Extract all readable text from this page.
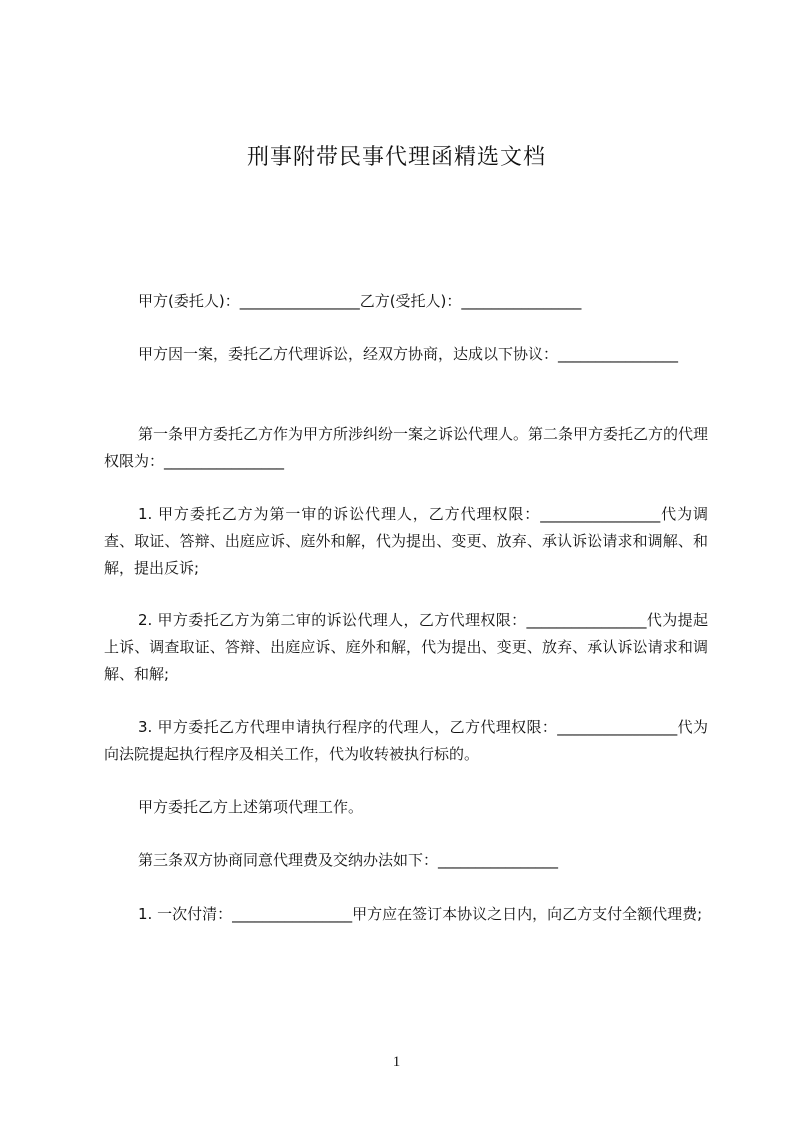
刑事附带民事代理函精选文档

甲方(委托人)：________________乙方(受托人)：________________

甲方因一案，委托乙方代理诉讼，经双方协商，达成以下协议：________________

第一条甲方委托乙方作为甲方所涉纠纷一案之诉讼代理人。第二条甲方委托乙方的代理权限为：________________

1. 甲方委托乙方为第一审的诉讼代理人，乙方代理权限：________________代为调查、取证、答辩、出庭应诉、庭外和解，代为提出、变更、放弃、承认诉讼请求和调解、和解，提出反诉;

2. 甲方委托乙方为第二审的诉讼代理人，乙方代理权限：________________代为提起上诉、调查取证、答辩、出庭应诉、庭外和解，代为提出、变更、放弃、承认诉讼请求和调解、和解;

3. 甲方委托乙方代理申请执行程序的代理人，乙方代理权限：________________代为向法院提起执行程序及相关工作，代为收转被执行标的。

甲方委托乙方上述第项代理工作。

第三条双方协商同意代理费及交纳办法如下：________________

1. 一次付清：________________甲方应在签订本协议之日内，向乙方支付全额代理费;

1
